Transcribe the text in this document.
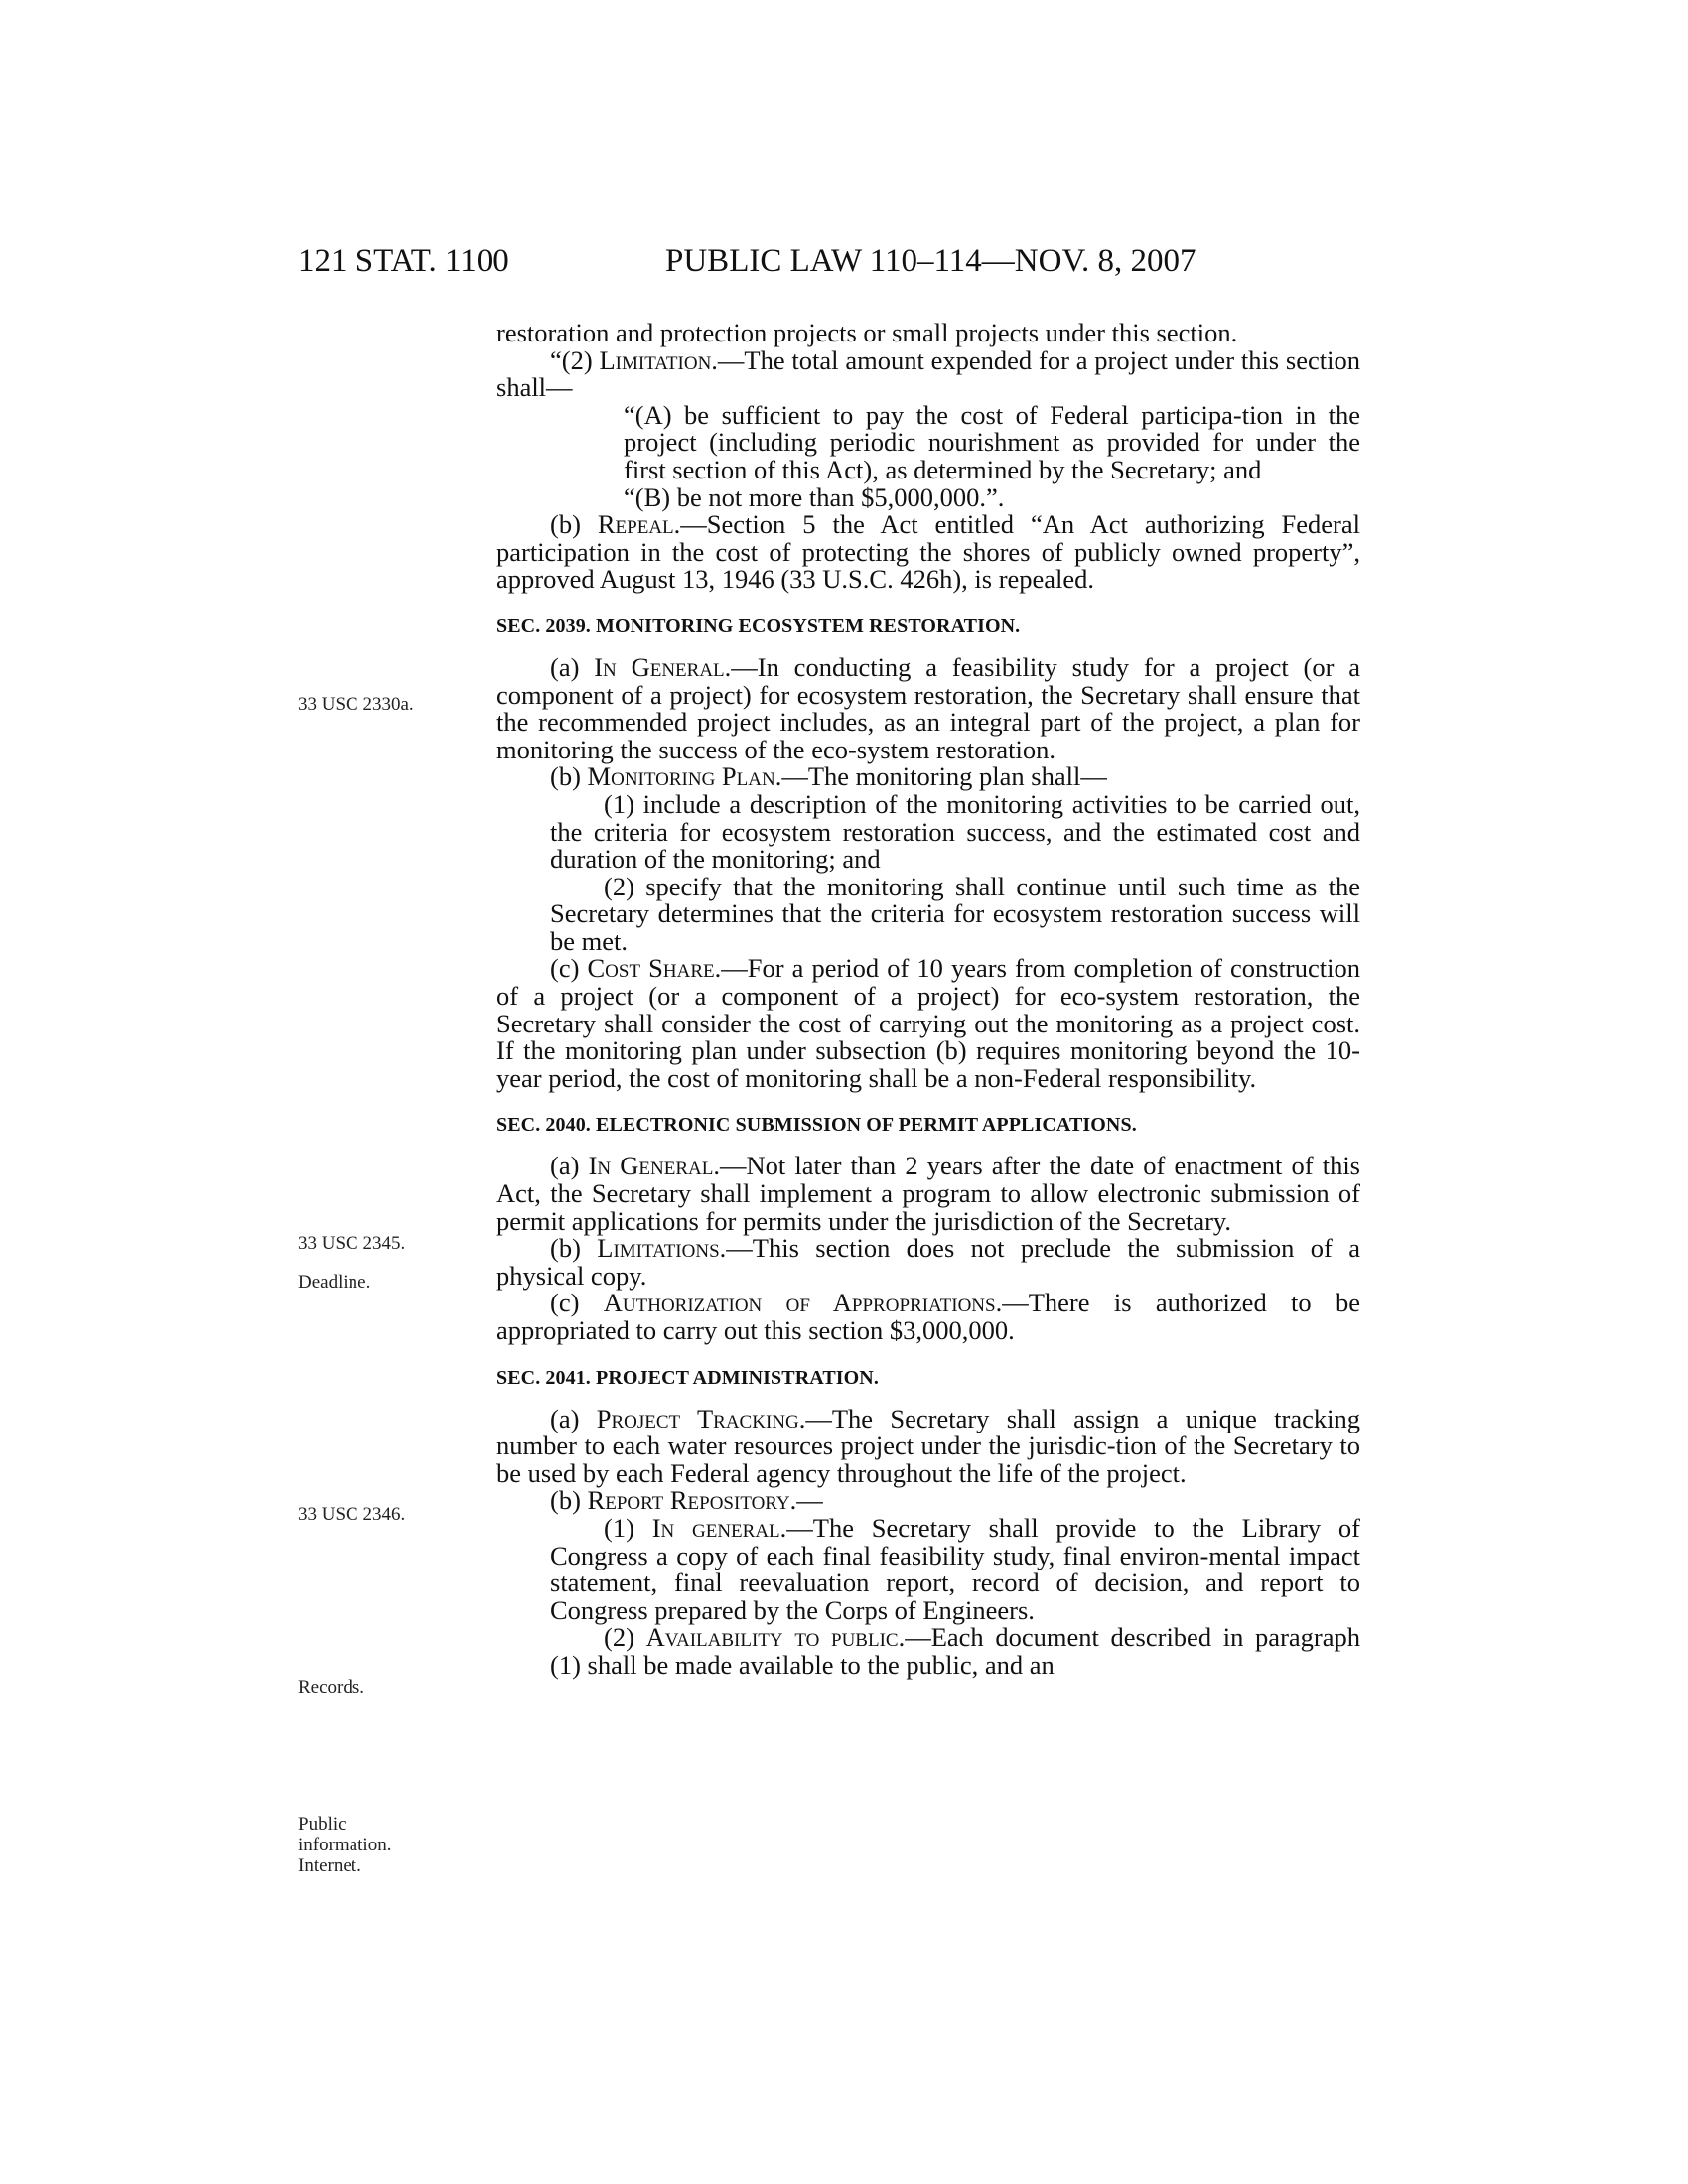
121 STAT. 1100	PUBLIC LAW 110–114—NOV. 8, 2007
33 USC 2330a.
33 USC 2345.
Deadline.
33 USC 2346.
Records.
Public
information.
Internet.

restoration and protection projects or small projects under this section.

“(2) Limitation.—The total amount expended for a project under this section shall—

“(A) be sufficient to pay the cost of Federal participa-tion in the project (including periodic nourishment as provided for under the first section of this Act), as determined by the Secretary; and

“(B) be not more than $5,000,000.”.

(b) Repeal.—Section 5 the Act entitled “An Act authorizing Federal participation in the cost of protecting the shores of publicly owned property”, approved August 13, 1946 (33 U.S.C. 426h), is repealed.

SEC. 2039. MONITORING ECOSYSTEM RESTORATION.

(a) In General.—In conducting a feasibility study for a project (or a component of a project) for ecosystem restoration, the Secretary shall ensure that the recommended project includes, as an integral part of the project, a plan for monitoring the success of the eco-system restoration.

(b) Monitoring Plan.—The monitoring plan shall—

(1) include a description of the monitoring activities to be carried out, the criteria for ecosystem restoration success, and the estimated cost and duration of the monitoring; and

(2) specify that the monitoring shall continue until such time as the Secretary determines that the criteria for ecosystem restoration success will be met.

(c) Cost Share.—For a period of 10 years from completion of construction of a project (or a component of a project) for eco-system restoration, the Secretary shall consider the cost of carrying out the monitoring as a project cost. If the monitoring plan under subsection (b) requires monitoring beyond the 10-year period, the cost of monitoring shall be a non-Federal responsibility.

SEC. 2040. ELECTRONIC SUBMISSION OF PERMIT APPLICATIONS.

(a) In General.—Not later than 2 years after the date of enactment of this Act, the Secretary shall implement a program to allow electronic submission of permit applications for permits under the jurisdiction of the Secretary.

(b) Limitations.—This section does not preclude the submission of a physical copy.

(c) Authorization of Appropriations.—There is authorized to be appropriated to carry out this section $3,000,000.

SEC. 2041. PROJECT ADMINISTRATION.

(a) Project Tracking.—The Secretary shall assign a unique tracking number to each water resources project under the jurisdic-tion of the Secretary to be used by each Federal agency throughout the life of the project.

(b) Report Repository.—

(1) In general.—The Secretary shall provide to the Library of Congress a copy of each final feasibility study, final environ-mental impact statement, final reevaluation report, record of decision, and report to Congress prepared by the Corps of Engineers.

(2) Availability to public.—Each document described in paragraph (1) shall be made available to the public, and an
